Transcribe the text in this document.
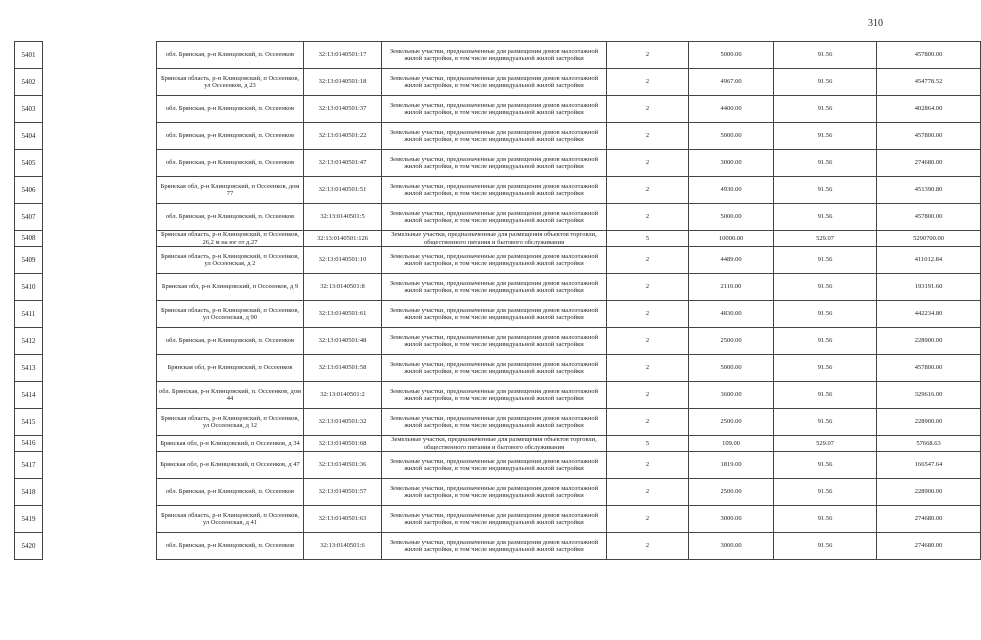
310
5401		обл. Брянская, р-н Клинцовский, п. Оссеенков	32:13:0140501:17	Земельные участки, предназначенные для размещения домов малоэтажной жилой застройки, в том числе индивидуальной жилой застройки	2	5000.00	91.56	457800.00
5402		Брянская область, р-н Клинцовский, п Оссеенков, ул Оссеенков, д 23	32:13:0140501:18	Земельные участки, предназначенные для размещения домов малоэтажной жилой застройки, в том числе индивидуальной жилой застройки	2	4967.00	91.56	454778.52
5403		обл. Брянская, р-н Клинцовский, п. Оссеенков	32:13:0140501:37	Земельные участки, предназначенные для размещения домов малоэтажной жилой застройки, в том числе индивидуальной жилой застройки	2	4400.00	91.56	402864.00
5404		обл. Брянская, р-н Клинцовский, п. Оссеенков	32:13:0140501:22	Земельные участки, предназначенные для размещения домов малоэтажной жилой застройки, в том числе индивидуальной жилой застройки	2	5000.00	91.56	457800.00
5405		обл. Брянская, р-н Клинцовский, п. Оссеенков	32:13:0140501:47	Земельные участки, предназначенные для размещения домов малоэтажной жилой застройки, в том числе индивидуальной жилой застройки	2	3000.00	91.56	274680.00
5406		Брянская обл, р-н Клинцовский, п Оссеенков, дом 77	32:13:0140501:51	Земельные участки, предназначенные для размещения домов малоэтажной жилой застройки, в том числе индивидуальной жилой застройки	2	4930.00	91.56	451390.80
5407		обл. Брянская, р-н Клинцовский, п. Оссеенков	32:13:0140501:5	Земельные участки, предназначенные для размещения домов малоэтажной жилой застройки, в том числе индивидуальной жилой застройки	2	5000.00	91.56	457800.00
5408		Брянская область, р-н Клинцовский, п Оссеенков, 26,2 м на юг от д.27	32:13:0140501:126	Земельные участки, предназначенные для размещения объектов торговли, общественного питания и бытового обслуживания	5	10000.00	529.07	5290700.00
5409		Брянская область, р-н Клинцовский, п Оссеенков, ул Оссеенская, д 2	32:13:0140501:10	Земельные участки, предназначенные для размещения домов малоэтажной жилой застройки, в том числе индивидуальной жилой застройки	2	4489.00	91.56	411012.84
5410		Брянская обл, р-н Клинцовский, п Оссеенков, д 9	32:13:0140501:8	Земельные участки, предназначенные для размещения домов малоэтажной жилой застройки, в том числе индивидуальной жилой застройки	2	2110.00	91.56	193191.60
5411		Брянская область, р-н Клинцовский, п Оссеенков, ул Оссеенская, д 90	32:13:0140501:61	Земельные участки, предназначенные для размещения домов малоэтажной жилой застройки, в том числе индивидуальной жилой застройки	2	4830.00	91.56	442234.80
5412		обл. Брянская, р-н Клинцовский, п. Оссеенков	32:13:0140501:48	Земельные участки, предназначенные для размещения домов малоэтажной жилой застройки, в том числе индивидуальной жилой застройки	2	2500.00	91.56	228900.00
5413		Брянская обл, р-н Клинцовский, п Оссеенков	32:13:0140501:58	Земельные участки, предназначенные для размещения домов малоэтажной жилой застройки, в том числе индивидуальной жилой застройки	2	5000.00	91.56	457800.00
5414		обл. Брянская, р-н Клинцовский, п. Оссеенков, дом 44	32:13:0140501:2	Земельные участки, предназначенные для размещения домов малоэтажной жилой застройки, в том числе индивидуальной жилой застройки	2	3600.00	91.56	329616.00
5415		Брянская область, р-н Клинцовский, п Оссеенков, ул Оссеенская, д 12	32:13:0140501:32	Земельные участки, предназначенные для размещения домов малоэтажной жилой застройки, в том числе индивидуальной жилой застройки	2	2500.00	91.56	228900.00
5416		Брянская обл, р-н Клинцовский, п Оссеенков, д 34	32:13:0140501:68	Земельные участки, предназначенные для размещения объектов торговли, общественного питания и бытового обслуживания	5	109.00	529.07	57668.63
5417		Брянская обл, р-н Клинцовский, п Оссеенков, д 47	32:13:0140501:36	Земельные участки, предназначенные для размещения домов малоэтажной жилой застройки, в том числе индивидуальной жилой застройки	2	1819.00	91.56	166547.64
5418		обл. Брянская, р-н Клинцовский, п. Оссеенков	32:13:0140501:57	Земельные участки, предназначенные для размещения домов малоэтажной жилой застройки, в том числе индивидуальной жилой застройки	2	2500.00	91.56	228900.00
5419		Брянская область, р-н Клинцовский, п Оссеенков, ул Оссеенская, д 41	32:13:0140501:63	Земельные участки, предназначенные для размещения домов малоэтажной жилой застройки, в том числе индивидуальной жилой застройки	2	3000.00	91.56	274680.00
5420		обл. Брянская, р-н Клинцовский, п. Оссеенков	32:13:0140501:6	Земельные участки, предназначенные для размещения домов малоэтажной жилой застройки, в том числе индивидуальной жилой застройки	2	3000.00	91.56	274680.00
